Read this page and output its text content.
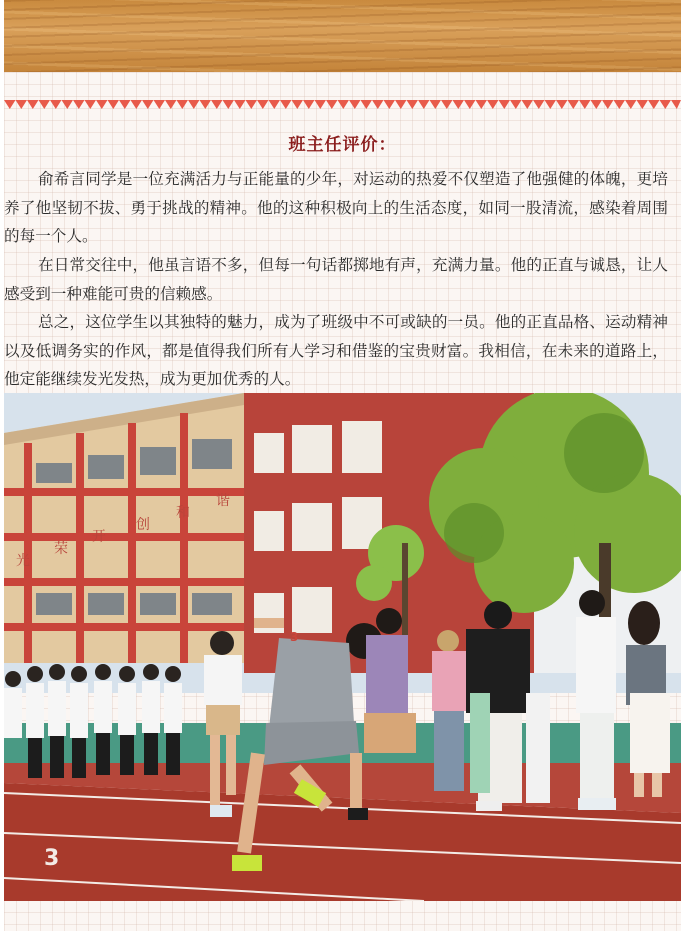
班主任评价：

俞希言同学是一位充满活力与正能量的少年，对运动的热爱不仅塑造了他强健的体魄，更培养了他坚韧不拔、勇于挑战的精神。他的这种积极向上的生活态度，如同一股清流，感染着周围的每一个人。

在日常交往中，他虽言语不多，但每一句话都掷地有声，充满力量。他的正直与诚恳，让人感受到一种难能可贵的信赖感。

总之，这位学生以其独特的魅力，成为了班级中不可或缺的一员。他的正直品格、运动精神以及低调务实的作风，都是值得我们所有人学习和借鉴的宝贵财富。我相信，在未来的道路上，他定能继续发光发热，成为更加优秀的人。

3
3
光
荣
开
创
和
谐
